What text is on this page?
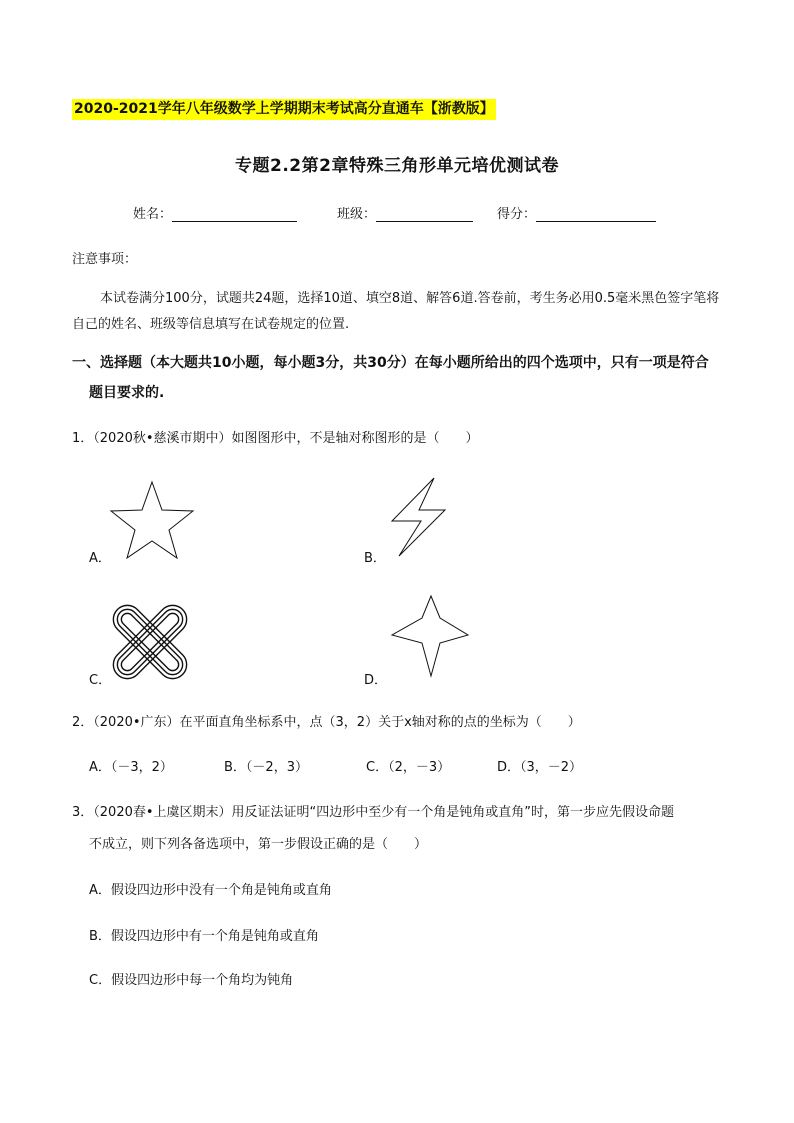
2020-2021学年八年级数学上学期期末考试高分直通车【浙教版】
专题2.2第2章特殊三角形单元培优测试卷
姓名：	班级：	得分：
注意事项：
本试卷满分100分，试题共24题，选择10道、填空8道、解答6道.答卷前，考生务必用0.5毫米黑色签字笔将自己的姓名、班级等信息填写在试卷规定的位置.
一、选择题（本大题共10小题，每小题3分，共30分）在每小题所给出的四个选项中，只有一项是符合
题目要求的.
1．（2020秋•慈溪市期中）如图图形中，不是轴对称图形的是（　　）
A．	B．
C．	D．
2．（2020•广东）在平面直角坐标系中，点（3，2）关于x轴对称的点的坐标为（　　）
A．（－3，2）	B．（－2，3）	C．（2，－3）	D．（3，－2）
3．（2020春•上虞区期末）用反证法证明“四边形中至少有一个角是钝角或直角”时，第一步应先假设命题
不成立，则下列各备选项中，第一步假设正确的是（　　）
A．假设四边形中没有一个角是钝角或直角
B．假设四边形中有一个角是钝角或直角
C．假设四边形中每一个角均为钝角
